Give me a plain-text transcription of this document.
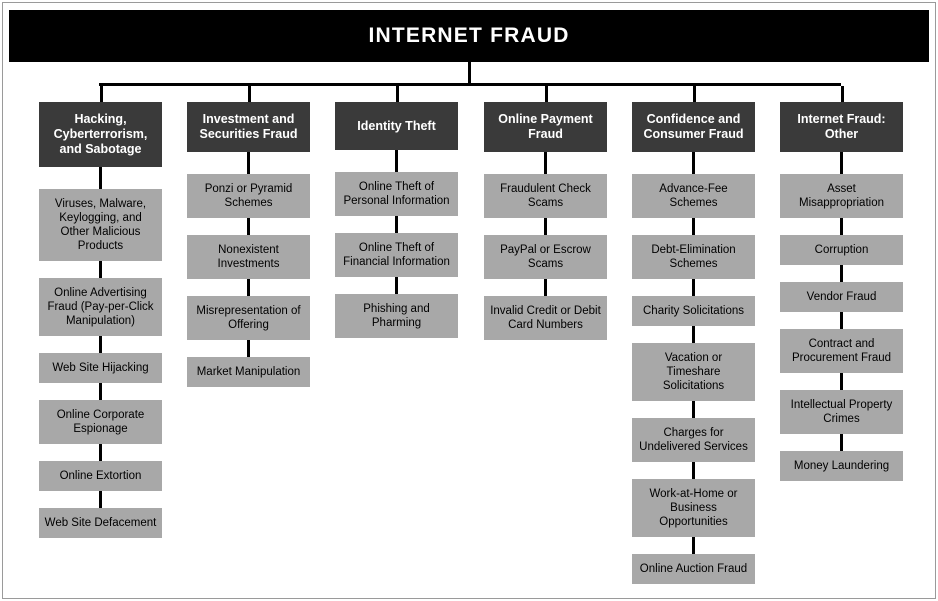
INTERNET FRAUD
Hacking, Cyberterrorism, and Sabotage
Viruses, Malware, Keylogging, and Other Malicious Products
Online Advertising Fraud (Pay-per-Click Manipulation)
Web Site Hijacking
Online Corporate Espionage
Online Extortion
Web Site Defacement
Investment and Securities Fraud
Ponzi or Pyramid Schemes
Nonexistent Investments
Misrepresentation of Offering
Market Manipulation
Identity Theft
Online Theft of Personal Information
Online Theft of Financial Information
Phishing and Pharming
Online Payment Fraud
Fraudulent Check Scams
PayPal or Escrow Scams
Invalid Credit or Debit Card Numbers
Confidence and Consumer Fraud
Advance-Fee Schemes
Debt-Elimination Schemes
Charity Solicitations
Vacation or Timeshare Solicitations
Charges for Undelivered Services
Work-at-Home or Business Opportunities
Online Auction Fraud
Internet Fraud: Other
Asset Misappropriation
Corruption
Vendor Fraud
Contract and Procurement Fraud
Intellectual Property Crimes
Money Laundering
